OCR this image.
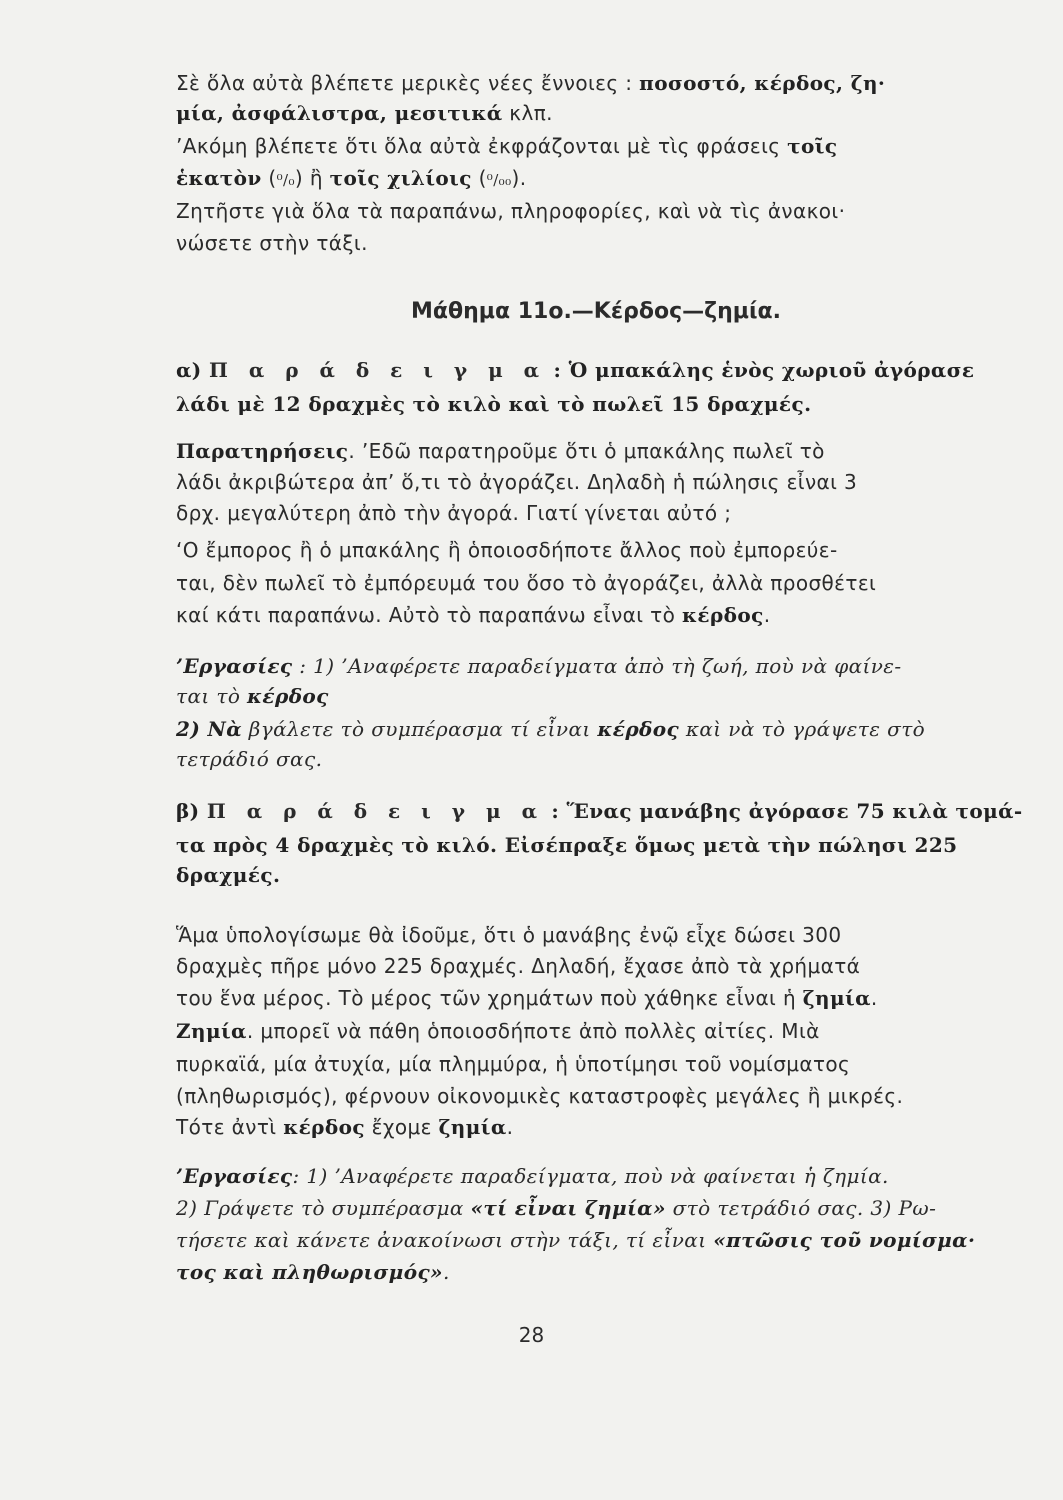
Σὲ ὅλα αὐτὰ βλέπετε μερικὲς νέες ἔννοιες : ποσοστό, κέρδος, ζη·
μία, ἀσφάλιστρα, μεσιτικά κλπ.
’Ακόμη βλέπετε ὅτι ὅλα αὐτὰ ἐκφράζονται μὲ τὶς φράσεις τοῖς
ἑκατὸν (⁰/₀) ἢ τοῖς χιλίοις (⁰/₀₀).
Ζητῆστε γιὰ ὅλα τὰ παραπάνω, πληροφορίες, καὶ νὰ τὶς ἀνακοι·
νώσετε στὴν τάξι.
Μάθημα 11ο.—Κέρδος—ζημία.
α) Π α ρ ά δ ε ι γ μ α : Ὁ μπακάλης ἑνὸς χωριοῦ ἀγόρασε
λάδι μὲ 12 δραχμὲς τὸ κιλὸ καὶ τὸ πωλεῖ 15 δραχμές.
Παρατηρήσεις. ’Εδῶ παρατηροῦμε ὅτι ὁ μπακάλης πωλεῖ τὸ
λάδι ἀκριβώτερα ἀπ’ ὅ,τι τὸ ἀγοράζει. Δηλαδὴ ἡ πώλησις εἶναι 3
δρχ. μεγαλύτερη ἀπὸ τὴν ἀγορά. Γιατί γίνεται αὐτό ;
‘Ο ἔμπορος ἢ ὁ μπακάλης ἢ ὁποιοσδήποτε ἄλλος ποὺ ἐμπορεύε-
ται, δὲν πωλεῖ τὸ ἐμπόρευμά του ὅσο τὸ ἀγοράζει, ἀλλὰ προσθέτει
καί κάτι παραπάνω. Αὐτὸ τὸ παραπάνω εἶναι τὸ κέρδος.
’Εργασίες : 1) ’Αναφέρετε παραδείγματα ἀπὸ τὴ ζωή, ποὺ νὰ φαίνε-
ται τὸ κέρδος
2) Νὰ βγάλετε τὸ συμπέρασμα τί εἶναι κέρδος καὶ νὰ τὸ γράψετε στὸ
τετράδιό σας.
β) Π α ρ ά δ ε ι γ μ α : Ἕνας μανάβης ἀγόρασε 75 κιλὰ τομά-
τα πρὸς 4 δραχμὲς τὸ κιλό. Εἰσέπραξε ὅμως μετὰ τὴν πώλησι 225
δραχμές.
Ἅμα ὑπολογίσωμε θὰ ἰδοῦμε, ὅτι ὁ μανάβης ἐνῷ εἶχε δώσει 300
δραχμὲς πῆρε μόνο 225 δραχμές. Δηλαδή, ἔχασε ἀπὸ τὰ χρήματά
του ἕνα μέρος. Τὸ μέρος τῶν χρημάτων ποὺ χάθηκε εἶναι ἡ ζημία.
Ζημία. μπορεῖ νὰ πάθη ὁποιοσδήποτε ἀπὸ πολλὲς αἰτίες. Μιὰ
πυρκαϊά, μία ἀτυχία, μία πλημμύρα, ἡ ὑποτίμησι τοῦ νομίσματος
(πληθωρισμός), φέρνουν οἰκονομικὲς καταστροφὲς μεγάλες ἢ μικρές.
Τότε ἀντὶ κέρδος ἔχομε ζημία.
’Εργασίες: 1) ’Αναφέρετε παραδείγματα, ποὺ νὰ φαίνεται ἡ ζημία.
2) Γράψετε τὸ συμπέρασμα «τί εἶναι ζημία» στὸ τετράδιό σας. 3) Ρω-
τήσετε καὶ κάνετε ἀνακοίνωσι στὴν τάξι, τί εἶναι «πτῶσις τοῦ νομίσμα·
τος καὶ πληθωρισμός».
28
